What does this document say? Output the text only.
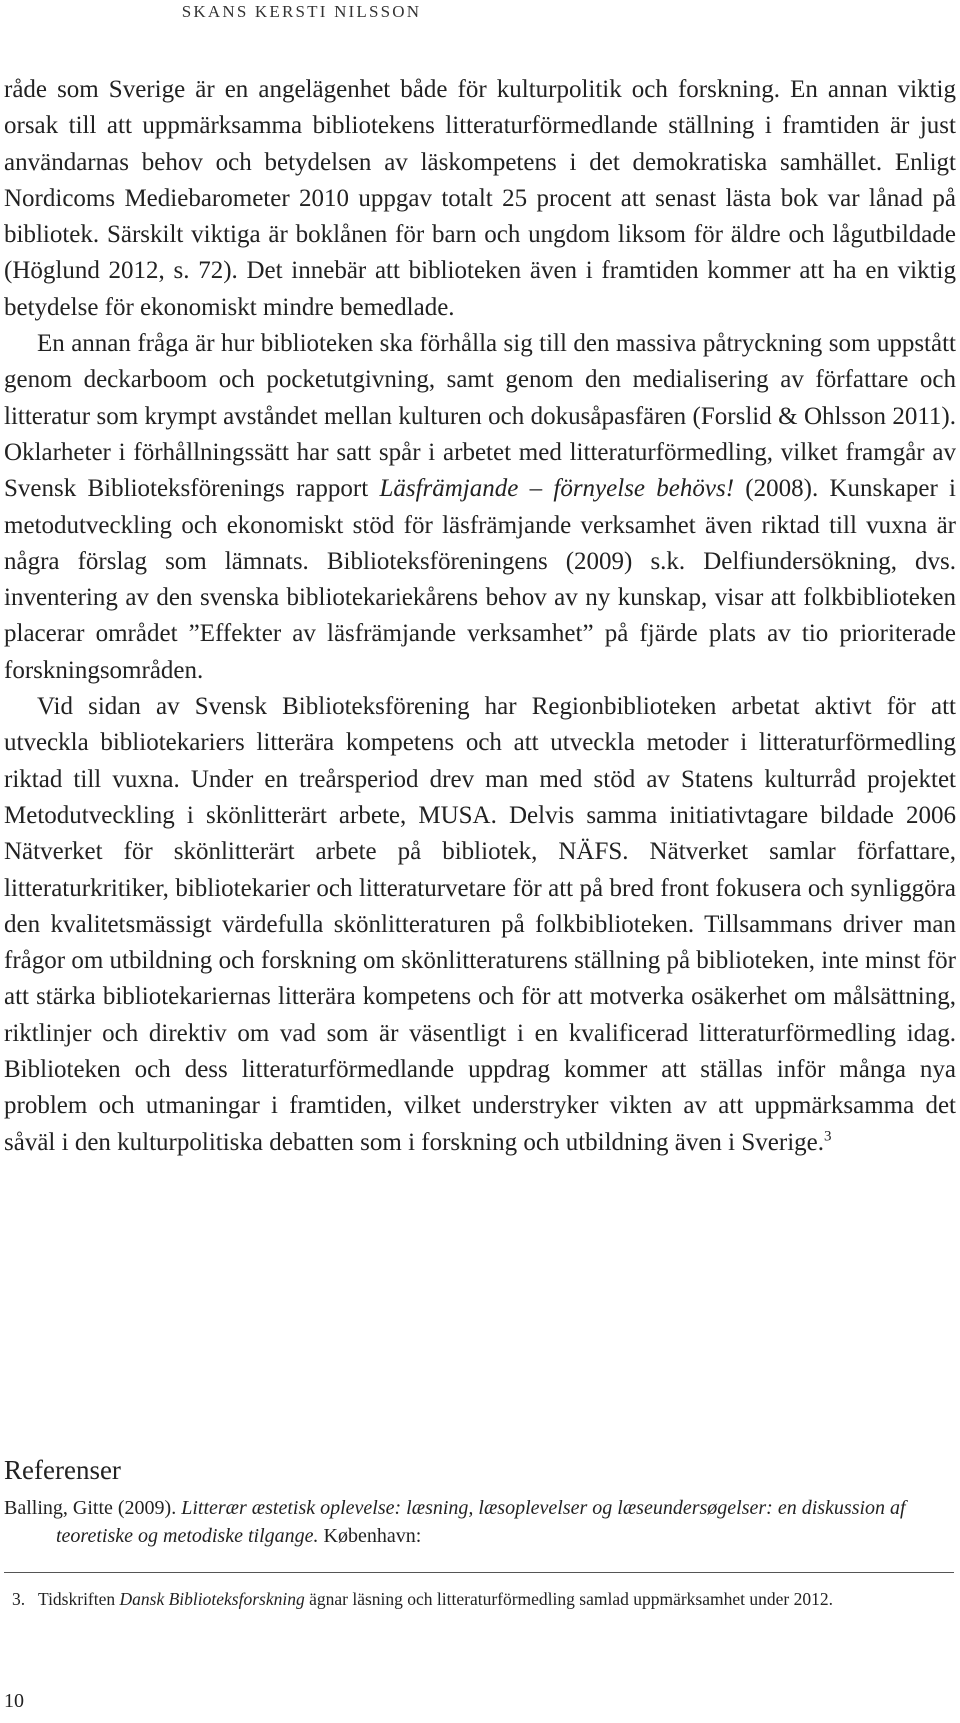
SKANS KERSTI NILSSON

råde som Sverige är en angelägenhet både för kulturpolitik och forskning. En annan viktig orsak till att uppmärksamma bibliotekens litteraturförmedlande ställning i framtiden är just användarnas behov och betydelsen av läskompetens i det demokratiska samhället. Enligt Nordicoms Mediebarometer 2010 uppgav totalt 25 procent att senast lästa bok var lånad på bibliotek. Särskilt viktiga är boklånen för barn och ungdom liksom för äldre och lågutbildade (Höglund 2012, s. 72). Det innebär att biblioteken även i framtiden kommer att ha en viktig betydelse för ekonomiskt mindre bemedlade.

En annan fråga är hur biblioteken ska förhålla sig till den massiva påtryckning som uppstått genom deckarboom och pocketutgivning, samt genom den medialisering av författare och litteratur som krympt avståndet mellan kulturen och dokusåpasfären (Forslid & Ohlsson 2011). Oklarheter i förhållningssätt har satt spår i arbetet med litteraturförmedling, vilket framgår av Svensk Biblioteksförenings rapport Läsfrämjande – förnyelse behövs! (2008). Kunskaper i metodutveckling och ekonomiskt stöd för läsfrämjande verksamhet även riktad till vuxna är några förslag som lämnats. Biblioteksföreningens (2009) s.k. Delfiundersökning, dvs. inventering av den svenska bibliotekariekårens behov av ny kunskap, visar att folkbiblioteken placerar området ”Effekter av läsfrämjande verksamhet” på fjärde plats av tio prioriterade forskningsområden.

Vid sidan av Svensk Biblioteksförening har Regionbiblioteken arbetat aktivt för att utveckla bibliotekariers litterära kompetens och att utveckla metoder i litteraturförmedling riktad till vuxna. Under en treårsperiod drev man med stöd av Statens kulturråd projektet Metodutveckling i skönlitterärt arbete, MUSA. Delvis samma initiativtagare bildade 2006 Nätverket för skönlitterärt arbete på bibliotek, NÄFS. Nätverket samlar författare, litteraturkritiker, bibliotekarier och litteraturvetare för att på bred front fokusera och synliggöra den kvalitetsmässigt värdefulla skönlitteraturen på folkbiblioteken. Tillsammans driver man frågor om utbildning och forskning om skönlitteraturens ställning på biblioteken, inte minst för att stärka bibliotekariernas litterära kompetens och för att motverka osäkerhet om målsättning, riktlinjer och direktiv om vad som är väsentligt i en kvalificerad litteraturförmedling idag. Biblioteken och dess litteraturförmedlande uppdrag kommer att ställas inför många nya problem och utmaningar i framtiden, vilket understryker vikten av att uppmärksamma det såväl i den kulturpolitiska debatten som i forskning och utbildning även i Sverige.$^3$

Referenser

Balling, Gitte (2009). Litterær æstetisk oplevelse: læsning, læsoplevelser og læseundersøgelser: en diskussion af teoretiske og metodiske tilgange. København:

3. Tidskriften Dansk Biblioteksforskning ägnar läsning och litteraturförmedling samlad uppmärksamhet under 2012.

10
